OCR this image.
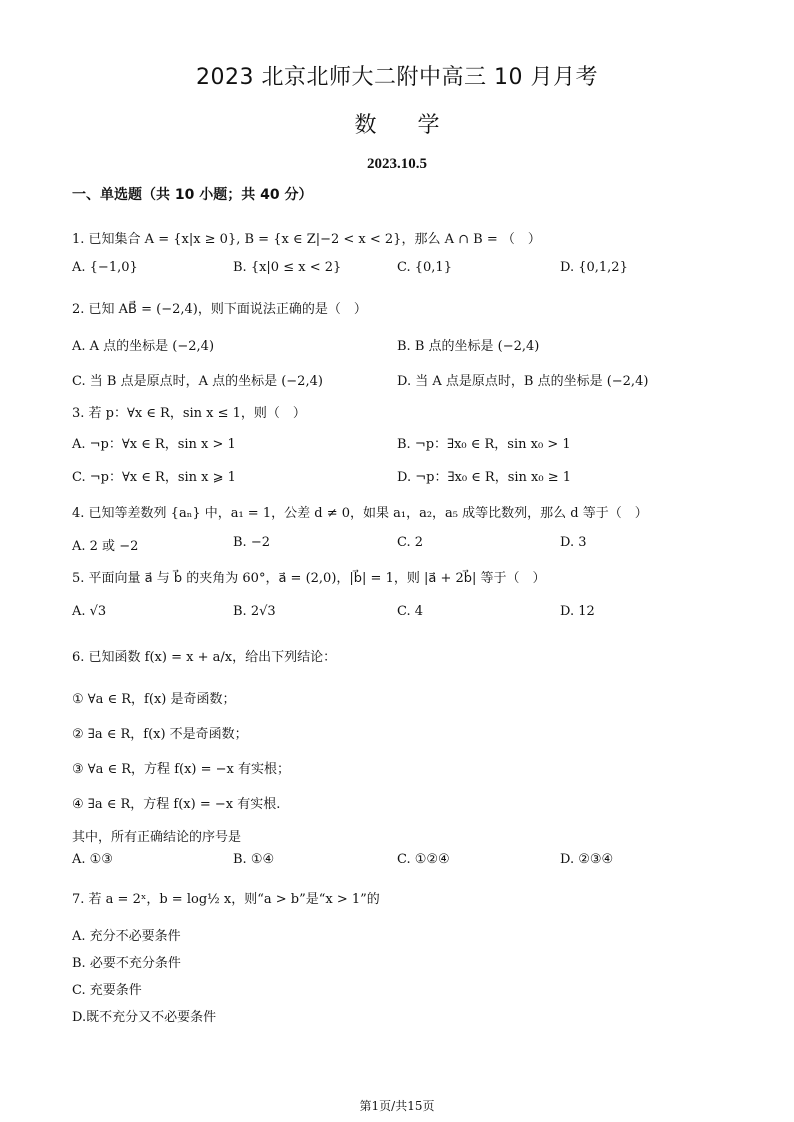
2023 北京北师大二附中高三 10 月月考
数 学
2023.10.5
一、单选题（共 10 小题；共 40 分）
1. 已知集合 A = {x|x ≥ 0}, B = {x ∈ Z|−2 < x < 2}，那么 A ∩ B = （　）
A. {−1,0}	B. {x|0 ≤ x < 2}	C. {0,1}	D. {0,1,2}
2. 已知 AB⃗ = (−2,4)，则下面说法正确的是（　）
A. A 点的坐标是 (−2,4)	B. B 点的坐标是 (−2,4)
C. 当 B 点是原点时，A 点的坐标是 (−2,4)	D. 当 A 点是原点时，B 点的坐标是 (−2,4)
3. 若 p：∀x ∈ R，sin x ≤ 1，则（　）
A. ¬p：∀x ∈ R，sin x > 1	B. ¬p：∃x₀ ∈ R，sin x₀ > 1
C. ¬p：∀x ∈ R，sin x ⩾ 1	D. ¬p：∃x₀ ∈ R，sin x₀ ≥ 1
4. 已知等差数列 {aₙ} 中，a₁ = 1，公差 d ≠ 0，如果 a₁，a₂，a₅ 成等比数列，那么 d 等于（　）
A. 2 或 −2	B. −2	C. 2	D. 3
5. 平面向量 a⃗ 与 b⃗ 的夹角为 60°，a⃗ = (2,0)，|b⃗| = 1，则 |a⃗ + 2b⃗| 等于（　）
A. √3	B. 2√3	C. 4	D. 12
6. 已知函数 f(x) = x + a/x，给出下列结论：
① ∀a ∈ R，f(x) 是奇函数；
② ∃a ∈ R，f(x) 不是奇函数；
③ ∀a ∈ R，方程 f(x) = −x 有实根；
④ ∃a ∈ R，方程 f(x) = −x 有实根.
其中，所有正确结论的序号是
A. ①③	B. ①④	C. ①②④	D. ②③④
7. 若 a = 2ˣ，b = log½ x，则“a > b”是“x > 1”的
A. 充分不必要条件
B. 必要不充分条件
C. 充要条件
D.既不充分又不必要条件
第1页/共15页
